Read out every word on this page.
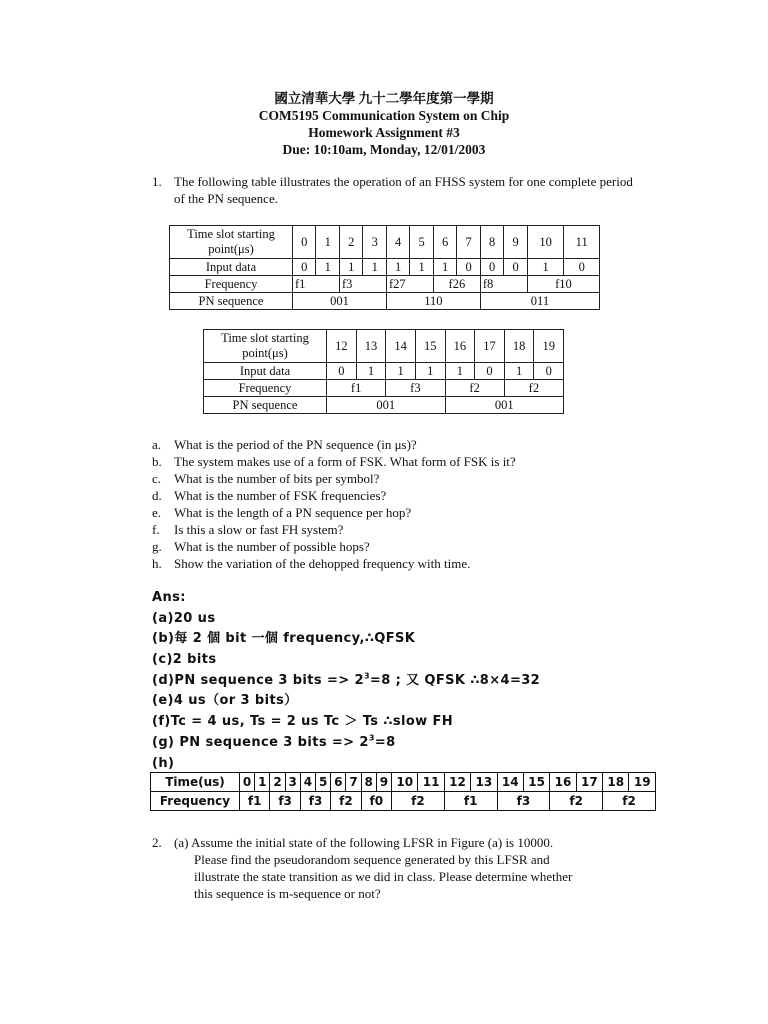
國立清華大學 九十二學年度第一學期
COM5195 Communication System on Chip
Homework Assignment #3
Due: 10:10am, Monday, 12/01/2003
1. The following table illustrates the operation of an FHSS system for one complete period of the PN sequence.
Time slot starting point(μs)	0	1	2	3	4	5	6	7	8	9	10	11
Input data	0	1	1	1	1	1	1	0	0	0	1	0
Frequency	f1		f3		f27		f26		f8		f10	
PN sequence	001				110				011			
Time slot starting point(μs)	12	13	14	15	16	17	18	19
Input data	0	1	1	1	1	0	1	0
Frequency	f1		f3		f2		f2	
PN sequence	001				001			
a. What is the period of the PN sequence (in μs)?
b. The system makes use of a form of FSK. What form of FSK is it?
c. What is the number of bits per symbol?
d. What is the number of FSK frequencies?
e. What is the length of a PN sequence per hop?
f.	Is this a slow or fast FH system?
g. What is the number of possible hops?
h. Show the variation of the dehopped frequency with time.
Ans:
(a)20 us
(b)每 2 個 bit 一個 frequency,∴QFSK
(c)2 bits
(d)PN sequence 3 bits => $2^3=8$ ; 又 QFSK ∴8×4=32
(e)4 us（or 3 bits）
(f)Tc = 4 us, Ts = 2 us Tc ＞ Ts ∴slow FH
(g) PN sequence 3 bits => $2^3=8$
(h)
Time(us)	0	1	2	3	4	5	6	7	8	9	10	11	12	13	14	15	16	17	18	19
Frequency	f1		f3		f3		f2		f0		f2		f1		f3		f2		f2	
2. (a) Assume the initial state of the following LFSR in Figure (a) is 10000.
Please find the pseudorandom sequence generated by this LFSR and
illustrate the state transition as we did in class. Please determine whether
this sequence is m-sequence or not?
